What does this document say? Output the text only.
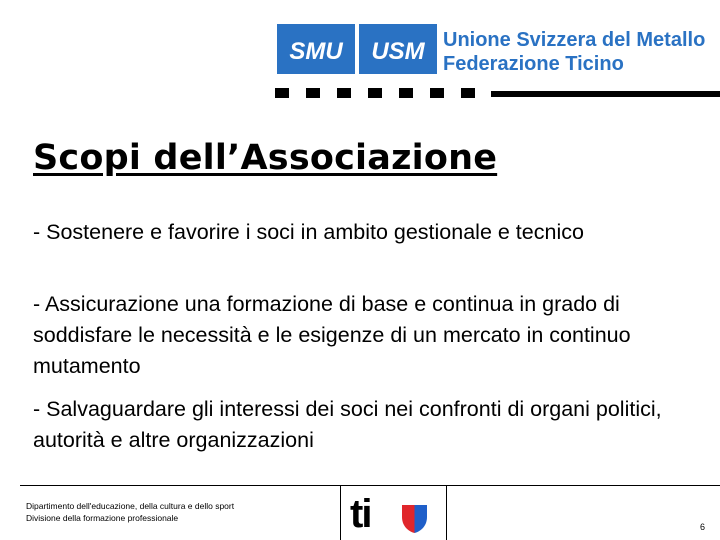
SMU USM Unione Svizzera del Metallo
Federazione Ticino
Scopi dell’Associazione
- Sostenere e favorire i soci in ambito gestionale e tecnico
- Assicurazione una formazione di base e continua in grado di soddisfare le necessità e le esigenze di un mercato in continuo mutamento
- Salvaguardare gli interessi dei soci nei confronti di organi politici, autorità e altre organizzazioni
Dipartimento dell'educazione, della cultura e dello sport
Divisione della formazione professionale	ti	6
